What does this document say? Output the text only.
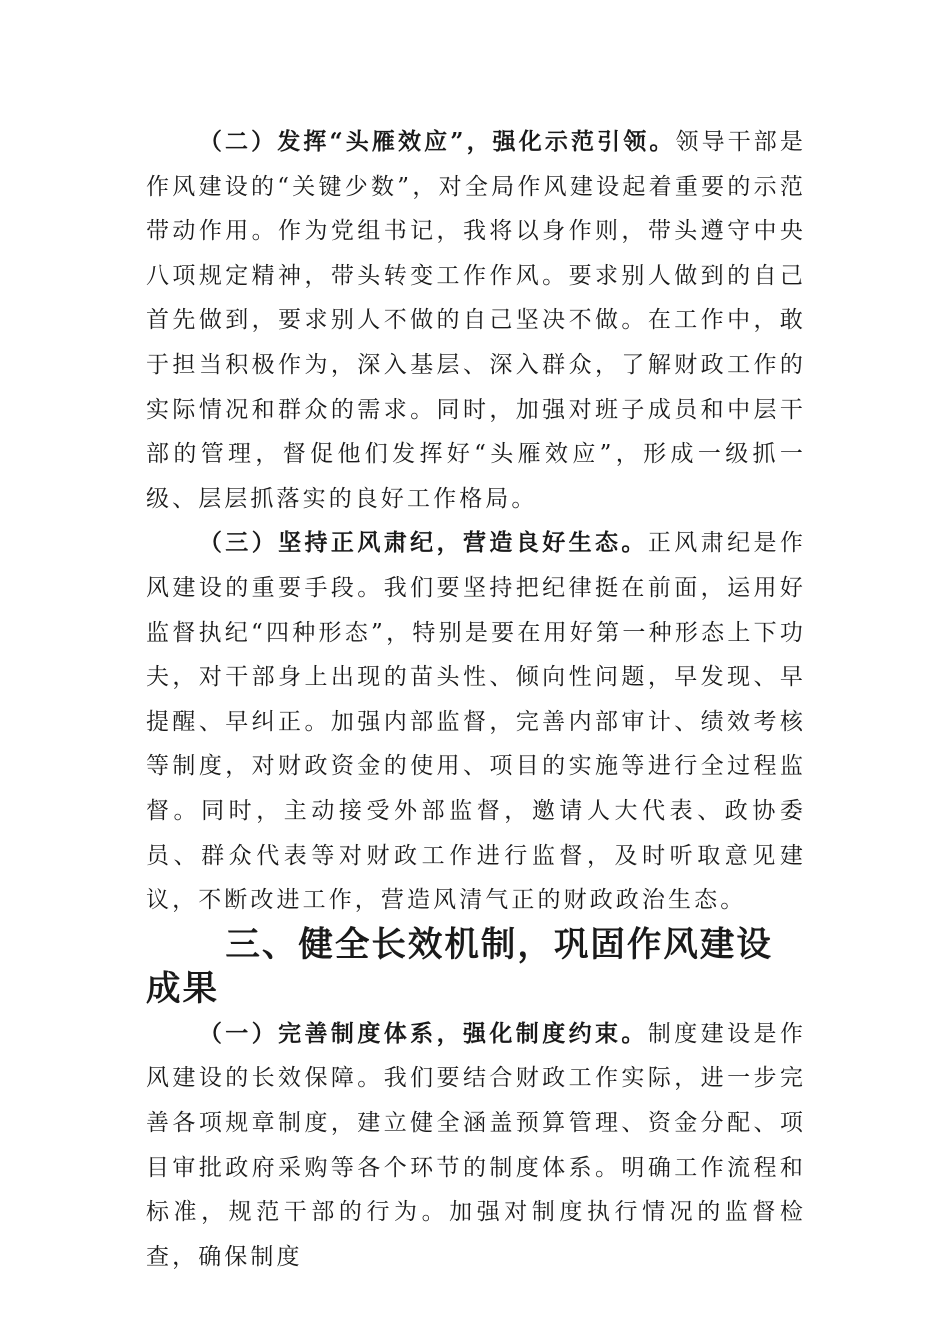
（二）发挥“头雁效应”，强化示范引领。领导干部是作风建设的“关键少数”，对全局作风建设起着重要的示范带动作用。作为党组书记，我将以身作则，带头遵守中央八项规定精神，带头转变工作作风。要求别人做到的自己首先做到，要求别人不做的自己坚决不做。在工作中，敢于担当积极作为，深入基层、深入群众，了解财政工作的实际情况和群众的需求。同时，加强对班子成员和中层干部的管理，督促他们发挥好“头雁效应”，形成一级抓一级、层层抓落实的良好工作格局。

（三）坚持正风肃纪，营造良好生态。正风肃纪是作风建设的重要手段。我们要坚持把纪律挺在前面，运用好监督执纪“四种形态”，特别是要在用好第一种形态上下功夫，对干部身上出现的苗头性、倾向性问题，早发现、早提醒、早纠正。加强内部监督，完善内部审计、绩效考核等制度，对财政资金的使用、项目的实施等进行全过程监督。同时，主动接受外部监督，邀请人大代表、政协委员、群众代表等对财政工作进行监督，及时听取意见建议，不断改进工作，营造风清气正的财政政治生态。

三、健全长效机制，巩固作风建设成果

（一）完善制度体系，强化制度约束。制度建设是作风建设的长效保障。我们要结合财政工作实际，进一步完善各项规章制度，建立健全涵盖预算管理、资金分配、项目审批政府采购等各个环节的制度体系。明确工作流程和标准，规范干部的行为。加强对制度执行情况的监督检查，确保制度
